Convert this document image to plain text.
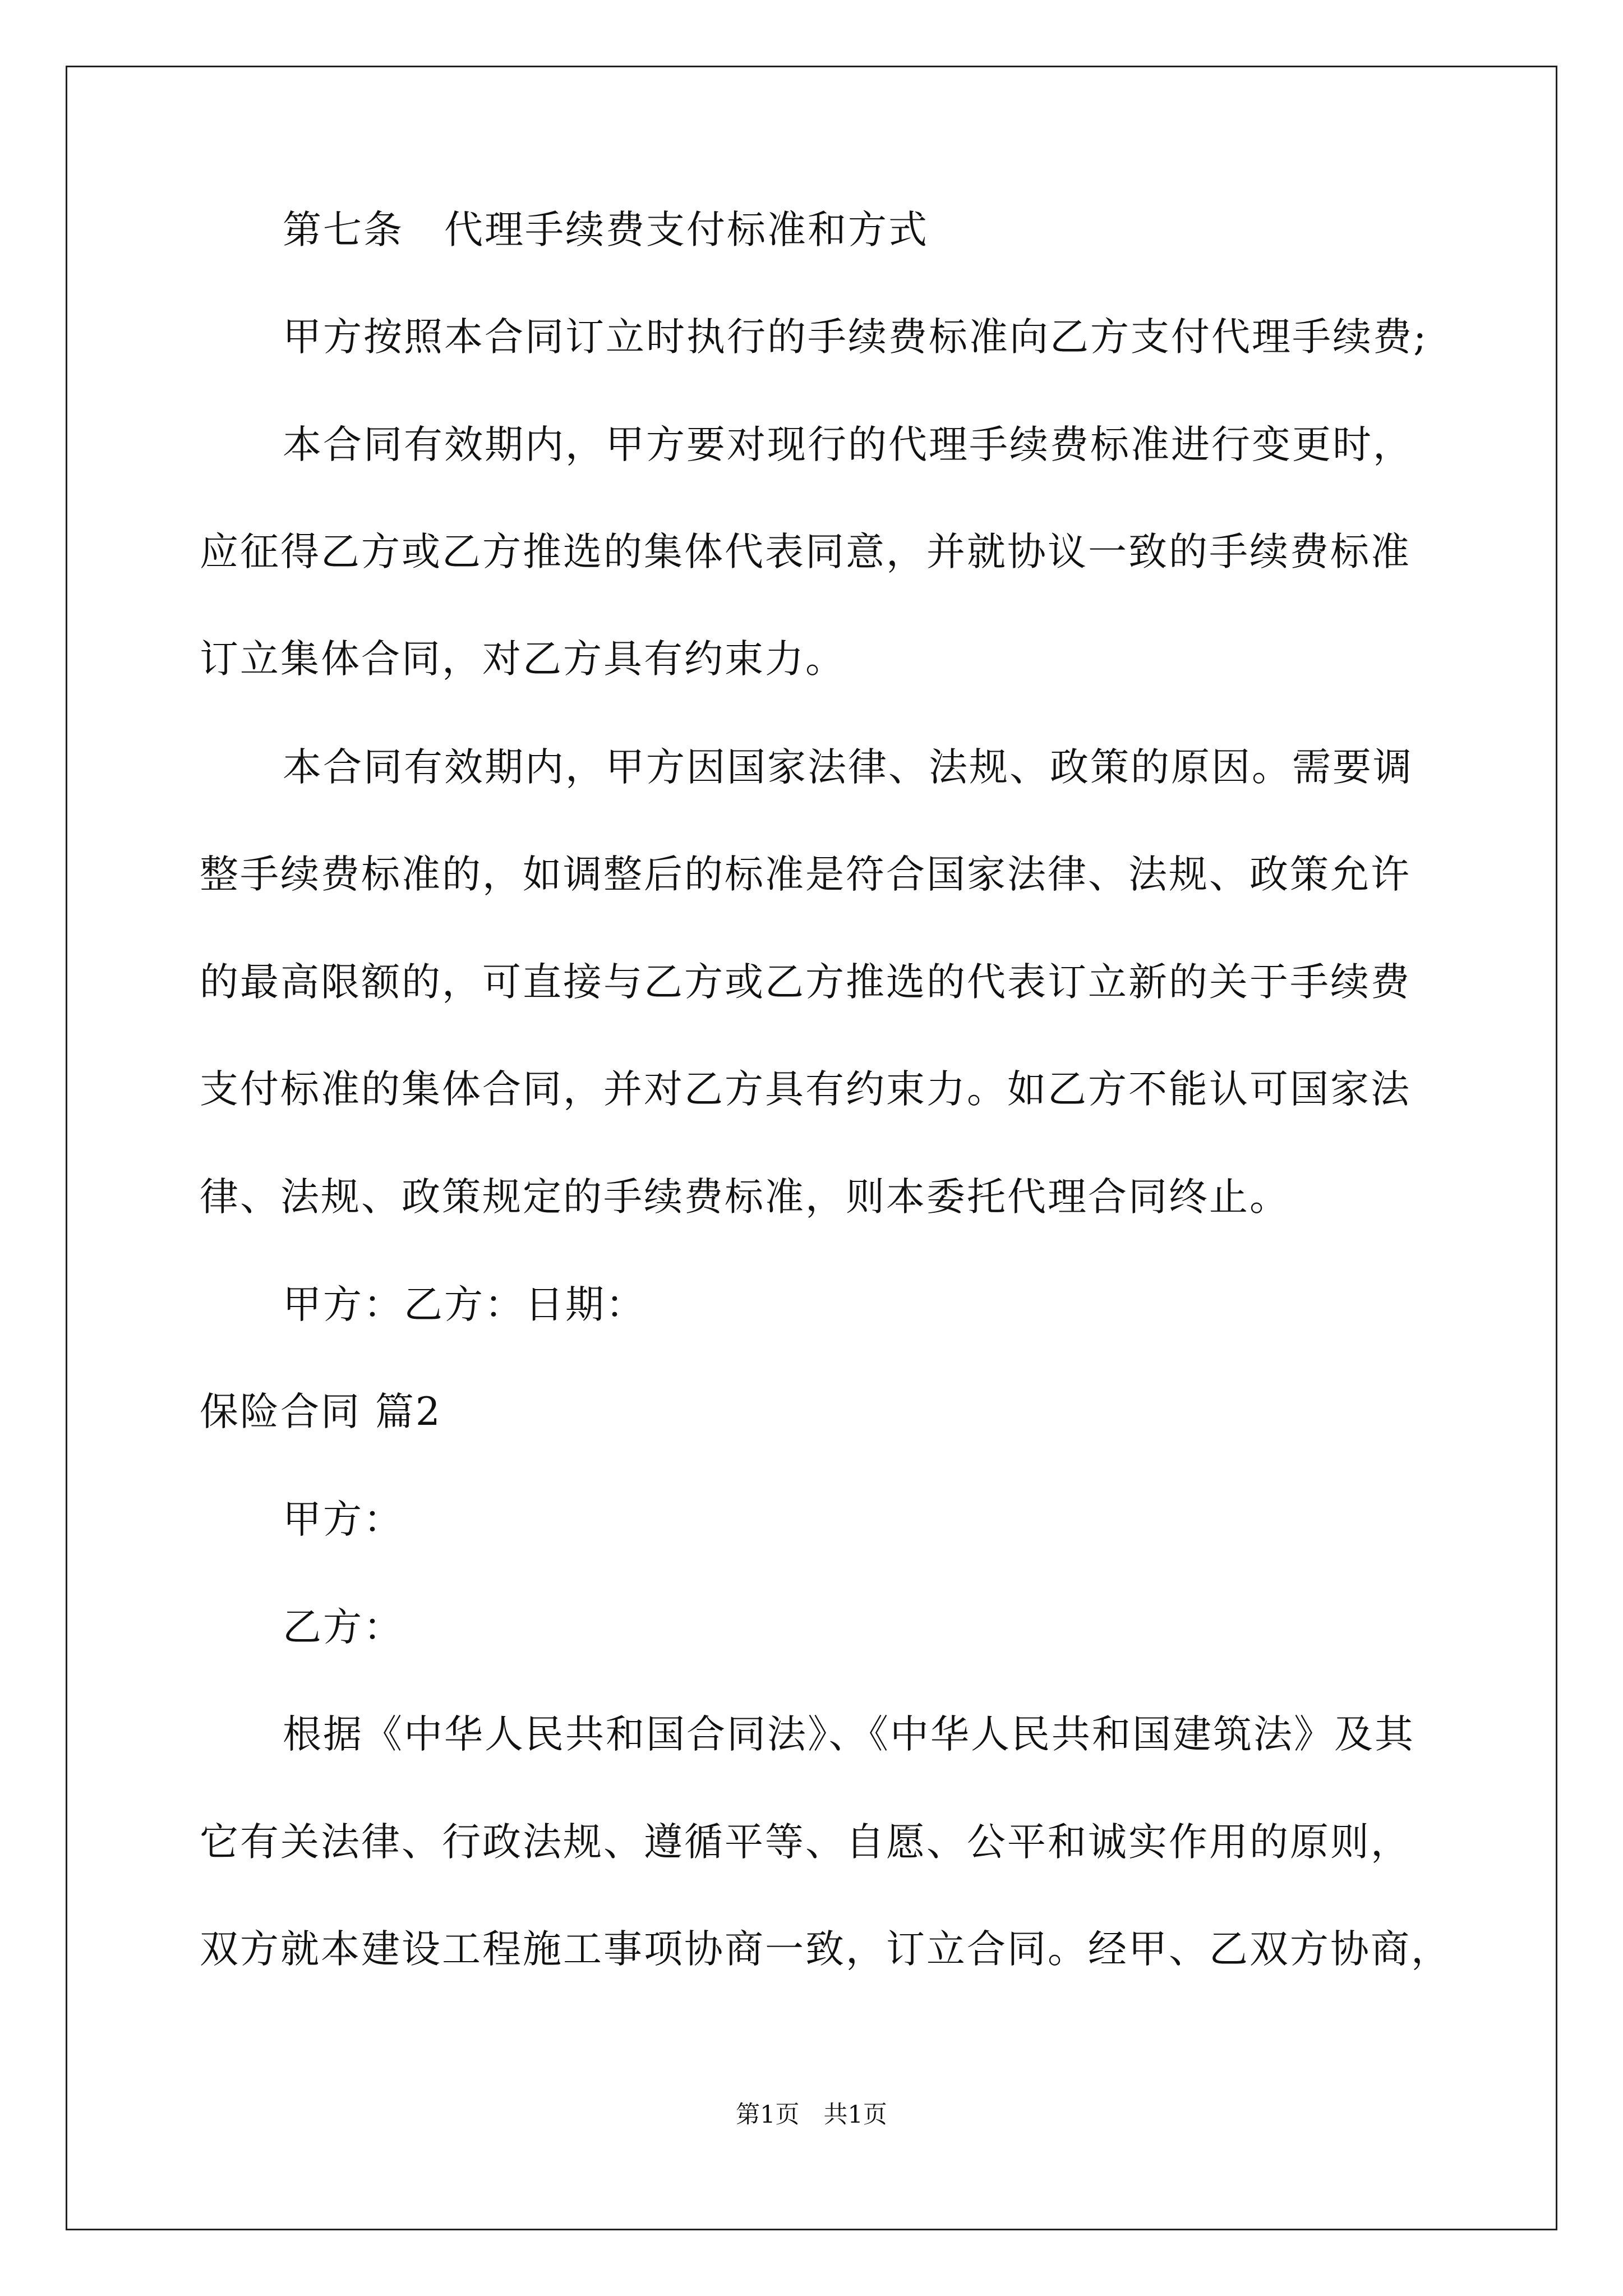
第七条　代理手续费支付标准和方式
甲方按照本合同订立时执行的手续费标准向乙方支付代理手续费;
本合同有效期内，甲方要对现行的代理手续费标准进行变更时，
应征得乙方或乙方推选的集体代表同意，并就协议一致的手续费标准
订立集体合同，对乙方具有约束力。
本合同有效期内，甲方因国家法律、法规、政策的原因。需要调
整手续费标准的，如调整后的标准是符合国家法律、法规、政策允许
的最高限额的，可直接与乙方或乙方推选的代表订立新的关于手续费
支付标准的集体合同，并对乙方具有约束力。如乙方不能认可国家法
律、法规、政策规定的手续费标准，则本委托代理合同终止。
甲方：乙方：日期：
保险合同 篇2
甲方：
乙方：
根据《中华人民共和国合同法》、《中华人民共和国建筑法》及其
它有关法律、行政法规、遵循平等、自愿、公平和诚实作用的原则，
双方就本建设工程施工事项协商一致，订立合同。经甲、乙双方协商，
第1页　共1页
